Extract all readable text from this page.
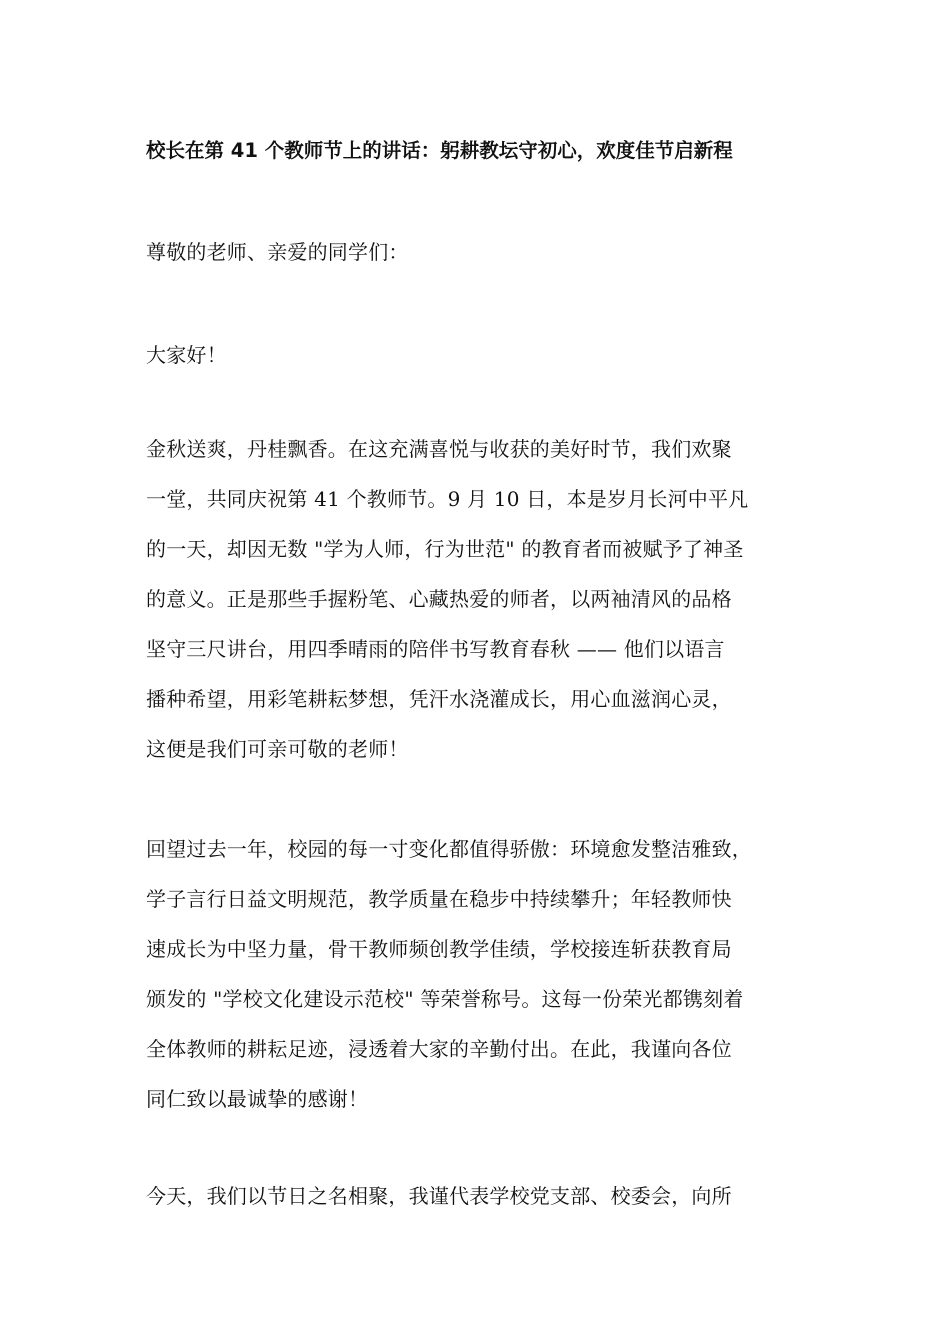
校长在第 41 个教师节上的讲话：躬耕教坛守初心，欢度佳节启新程
尊敬的老师、亲爱的同学们：
大家好！
金秋送爽，丹桂飘香。在这充满喜悦与收获的美好时节，我们欢聚
一堂，共同庆祝第 41 个教师节。9 月 10 日，本是岁月长河中平凡
的一天，却因无数 "学为人师，行为世范" 的教育者而被赋予了神圣
的意义。正是那些手握粉笔、心藏热爱的师者，以两袖清风的品格
坚守三尺讲台，用四季晴雨的陪伴书写教育春秋 —— 他们以语言
播种希望，用彩笔耕耘梦想，凭汗水浇灌成长，用心血滋润心灵，
这便是我们可亲可敬的老师！
回望过去一年，校园的每一寸变化都值得骄傲：环境愈发整洁雅致，
学子言行日益文明规范，教学质量在稳步中持续攀升；年轻教师快
速成长为中坚力量，骨干教师频创教学佳绩，学校接连斩获教育局
颁发的 "学校文化建设示范校" 等荣誉称号。这每一份荣光都镌刻着
全体教师的耕耘足迹，浸透着大家的辛勤付出。在此，我谨向各位
同仁致以最诚挚的感谢！
今天，我们以节日之名相聚，我谨代表学校党支部、校委会，向所
